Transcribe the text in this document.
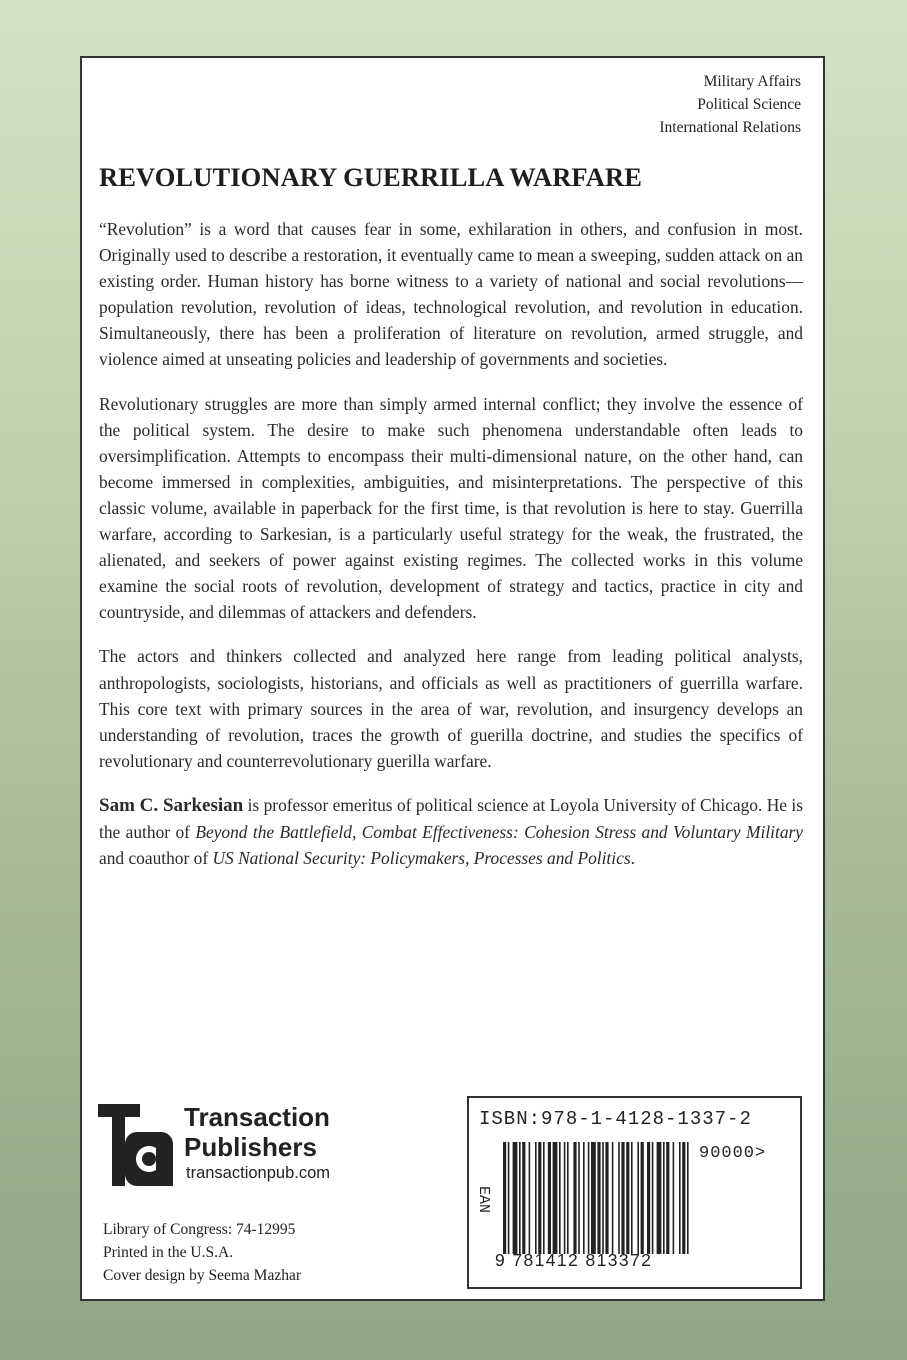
Military Affairs
Political Science
International Relations
REVOLUTIONARY GUERRILLA WARFARE

“Revolution” is a word that causes fear in some, exhilaration in others, and confusion in most. Originally used to describe a restoration, it eventually came to mean a sweeping, sudden attack on an existing order. Human history has borne witness to a variety of national and social revolutions—population revolution, revolution of ideas, technological revolution, and revolution in education. Simultaneously, there has been a proliferation of literature on revolution, armed struggle, and violence aimed at unseating policies and leadership of governments and societies.

Revolutionary struggles are more than simply armed internal conflict; they involve the essence of the political system. The desire to make such phenomena understandable often leads to oversimplification. Attempts to encompass their multi-dimensional nature, on the other hand, can become immersed in complexities, ambiguities, and misinterpretations. The perspective of this classic volume, available in paperback for the first time, is that revolution is here to stay. Guerrilla warfare, according to Sarkesian, is a particularly useful strategy for the weak, the frustrated, the alienated, and seekers of power against existing regimes. The collected works in this volume examine the social roots of revolution, development of strategy and tactics, practice in city and countryside, and dilemmas of attackers and defenders.

The actors and thinkers collected and analyzed here range from leading political analysts, anthropologists, sociologists, historians, and officials as well as practitioners of guerrilla warfare. This core text with primary sources in the area of war, revolution, and insurgency develops an understanding of revolution, traces the growth of guerilla doctrine, and studies the specifics of revolutionary and counterrevolutionary guerilla warfare.

Sam C. Sarkesian is professor emeritus of political science at Loyola University of Chicago. He is the author of Beyond the Battlefield, Combat Effectiveness: Cohesion Stress and Voluntary Military and coauthor of US National Security: Policymakers, Processes and Politics.

Transaction
Publishers
transactionpub.com
Library of Congress: 74-12995
Printed in the U.S.A.
Cover design by Seema Mazhar
ISBN:978-1-4128-1337-2
90000>
EAN
9 781412 813372
